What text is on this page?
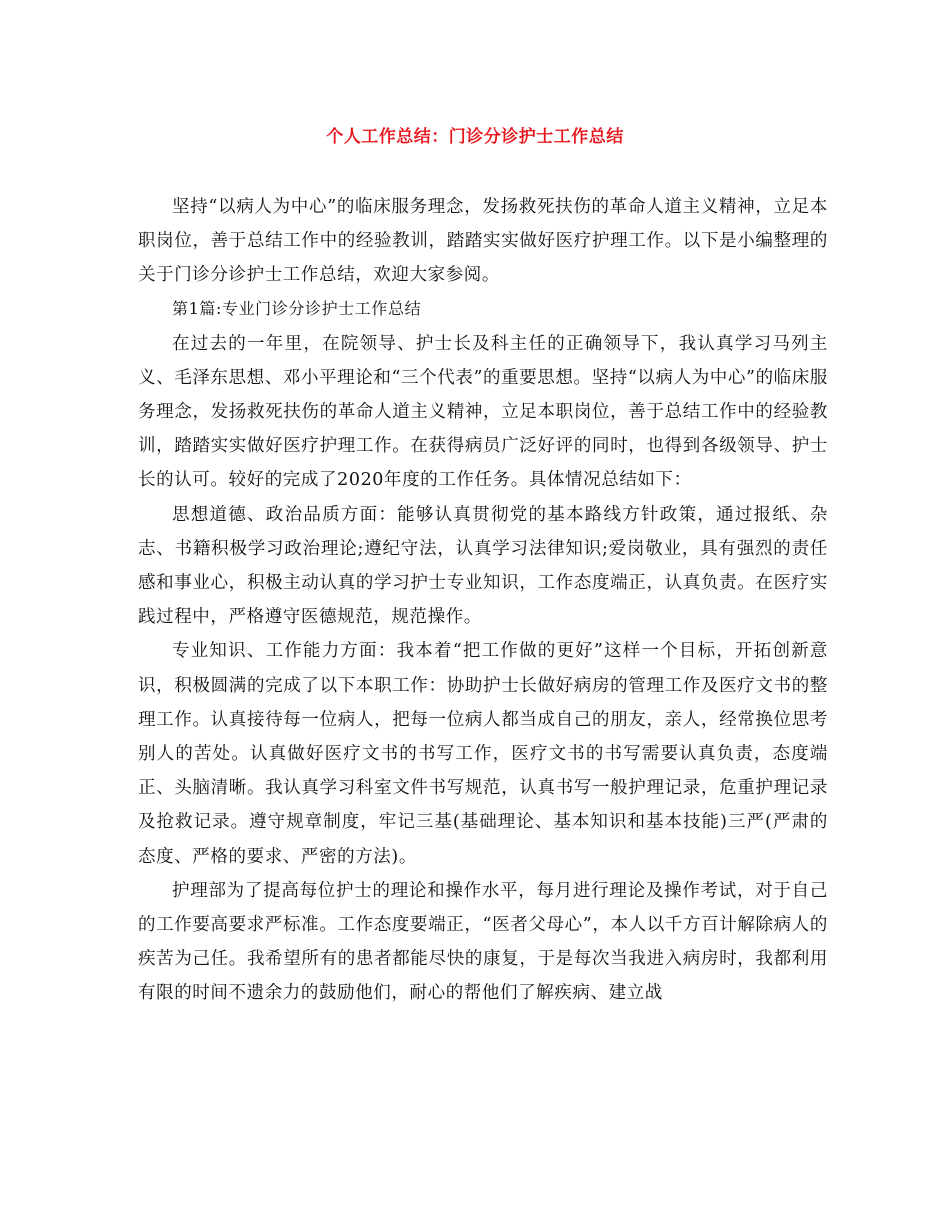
个人工作总结：门诊分诊护士工作总结

坚持“以病人为中心”的临床服务理念，发扬救死扶伤的革命人道主义精神，立足本职岗位，善于总结工作中的经验教训，踏踏实实做好医疗护理工作。以下是小编整理的关于门诊分诊护士工作总结，欢迎大家参阅。

第1篇:专业门诊分诊护士工作总结

在过去的一年里，在院领导、护士长及科主任的正确领导下，我认真学习马列主义、毛泽东思想、邓小平理论和“三个代表”的重要思想。坚持“以病人为中心”的临床服务理念，发扬救死扶伤的革命人道主义精神，立足本职岗位，善于总结工作中的经验教训，踏踏实实做好医疗护理工作。在获得病员广泛好评的同时，也得到各级领导、护士长的认可。较好的完成了2020年度的工作任务。具体情况总结如下：

思想道德、政治品质方面：能够认真贯彻党的基本路线方针政策，通过报纸、杂志、书籍积极学习政治理论;遵纪守法，认真学习法律知识;爱岗敬业，具有强烈的责任感和事业心，积极主动认真的学习护士专业知识，工作态度端正，认真负责。在医疗实践过程中，严格遵守医德规范，规范操作。

专业知识、工作能力方面：我本着“把工作做的更好”这样一个目标，开拓创新意识，积极圆满的完成了以下本职工作：协助护士长做好病房的管理工作及医疗文书的整理工作。认真接待每一位病人，把每一位病人都当成自己的朋友，亲人，经常换位思考别人的苦处。认真做好医疗文书的书写工作，医疗文书的书写需要认真负责，态度端正、头脑清晰。我认真学习科室文件书写规范，认真书写一般护理记录，危重护理记录及抢救记录。遵守规章制度，牢记三基(基础理论、基本知识和基本技能)三严(严肃的态度、严格的要求、严密的方法)。

护理部为了提高每位护士的理论和操作水平，每月进行理论及操作考试，对于自己的工作要高要求严标准。工作态度要端正，“医者父母心”，本人以千方百计解除病人的疾苦为己任。我希望所有的患者都能尽快的康复，于是每次当我进入病房时，我都利用有限的时间不遗余力的鼓励他们，耐心的帮他们了解疾病、建立战
